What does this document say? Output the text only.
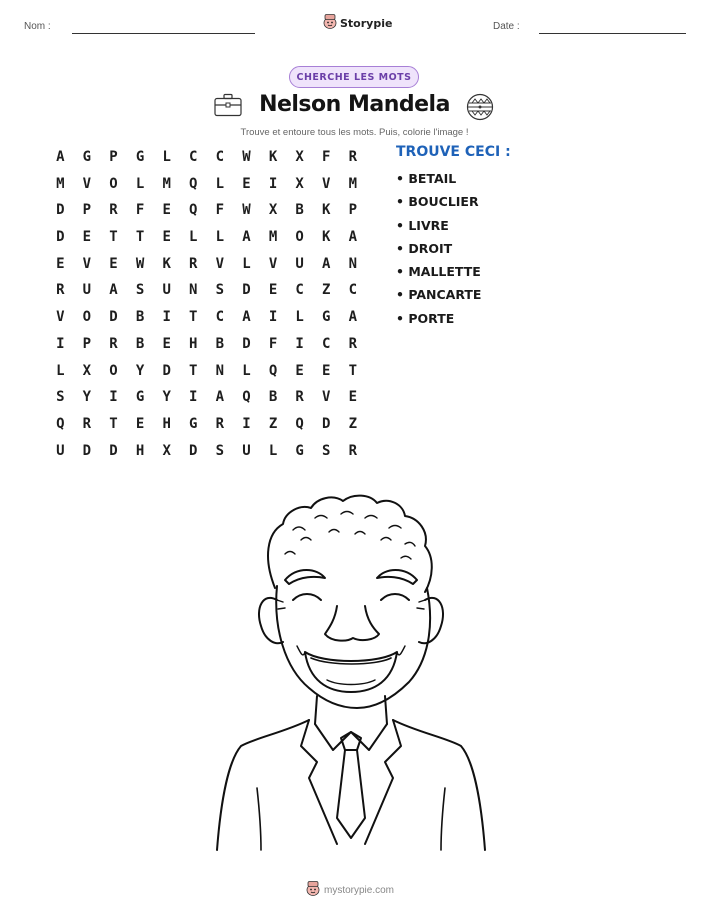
Nom :	Date :
Storypie
CHERCHE LES MOTS
Nelson Mandela
Trouve et entoure tous les mots. Puis, colorie l'image !
A	G	P	G	L	C	C	W	K	X	F	R
M	V	O	L	M	Q	L	E	I	X	V	M
D	P	R	F	E	Q	F	W	X	B	K	P
D	E	T	T	E	L	L	A	M	O	K	A
E	V	E	W	K	R	V	L	V	U	A	N
R	U	A	S	U	N	S	D	E	C	Z	C
V	O	D	B	I	T	C	A	I	L	G	A
I	P	R	B	E	H	B	D	F	I	C	R
L	X	O	Y	D	T	N	L	Q	E	E	T
S	Y	I	G	Y	I	A	Q	B	R	V	E
Q	R	T	E	H	G	R	I	Z	Q	D	Z
U	D	D	H	X	D	S	U	L	G	S	R
TROUVE CECI :
• BETAIL
• BOUCLIER
• LIVRE
• DROIT
• MALLETTE
• PANCARTE
• PORTE
mystorypie.com
